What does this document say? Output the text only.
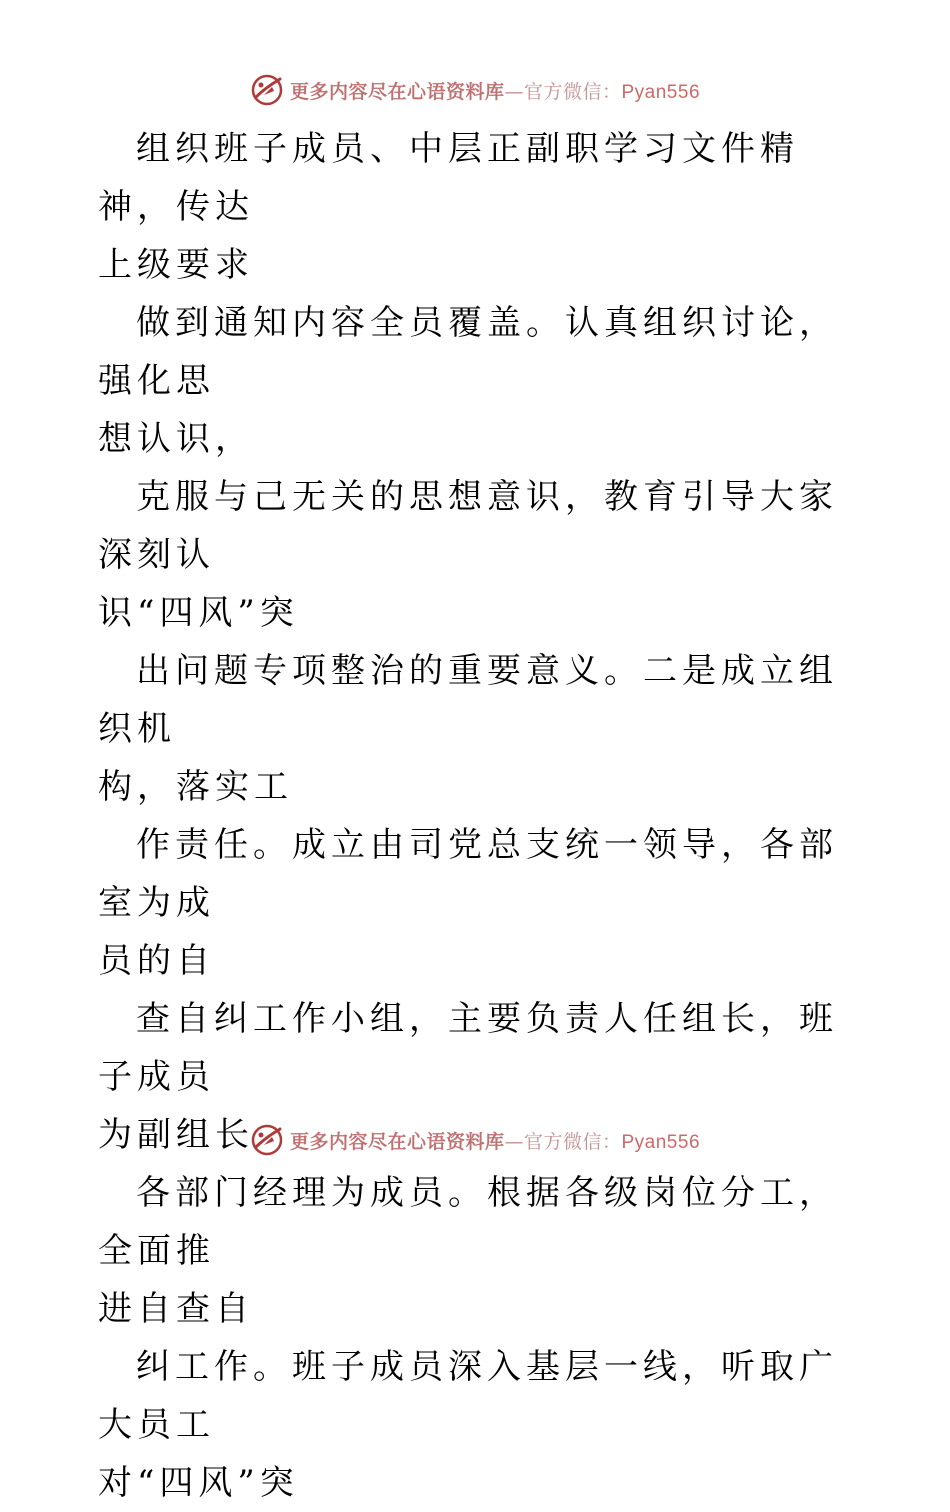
更多内容尽在心语资料库—官方微信：Pyan556

组织班子成员、中层正副职学习文件精神，传达
上级要求

做到通知内容全员覆盖。认真组织讨论，强化思
想认识，

克服与己无关的思想意识，教育引导大家深刻认
识“四风”突

出问题专项整治的重要意义。二是成立组织机
构，落实工

作责任。成立由司党总支统一领导，各部室为成
员的自

查自纠工作小组，主要负责人任组长，班子成员
为副组长

各部门经理为成员。根据各级岗位分工，全面推
进自查自

纠工作。班子成员深入基层一线，听取广大员工
对“四风”突

更多内容尽在心语资料库—官方微信：Pyan556
